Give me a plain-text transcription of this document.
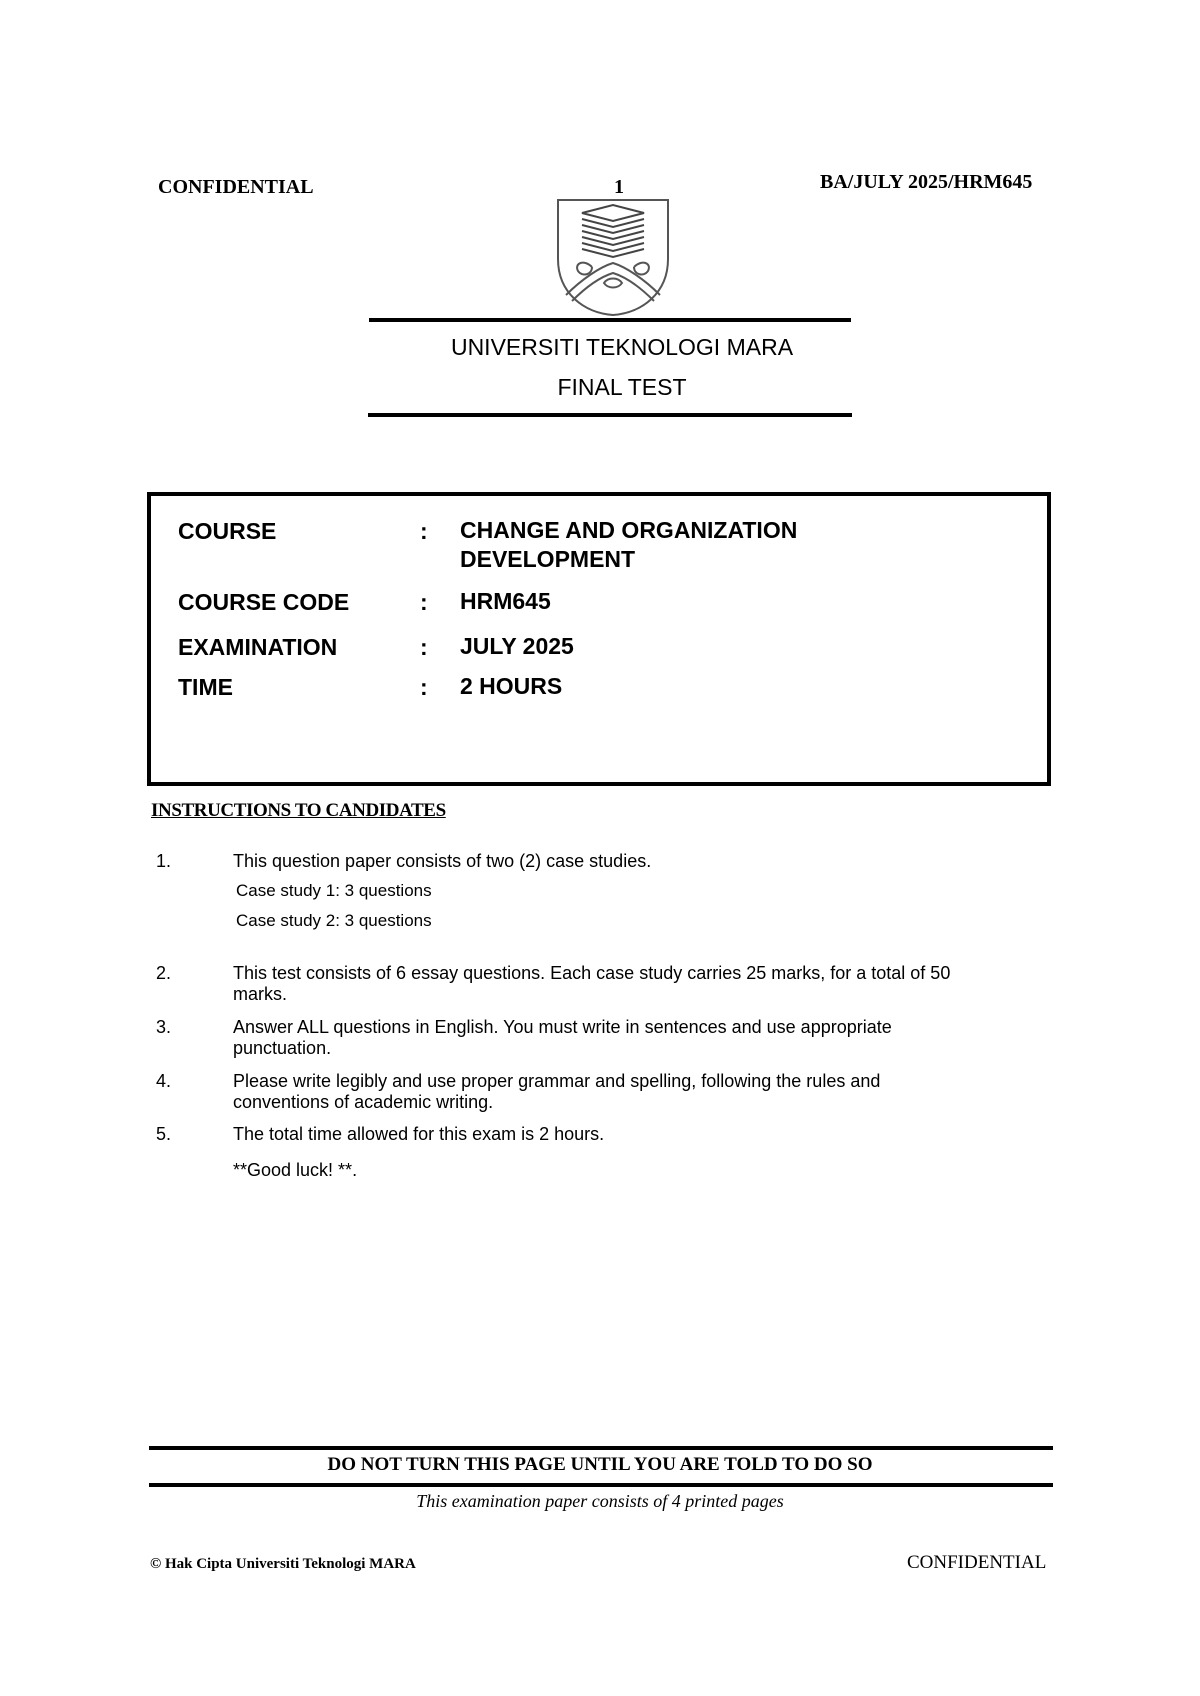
CONFIDENTIAL	1	BA/JULY 2025/HRM645
UNIVERSITI TEKNOLOGI MARA
FINAL TEST
COURSE	: CHANGE AND ORGANIZATION
DEVELOPMENT
COURSE CODE	: HRM645
EXAMINATION	: JULY 2025
TIME	: 2 HOURS
INSTRUCTIONS TO CANDIDATES
1.	This question paper consists of two (2) case studies.
Case study 1: 3 questions
Case study 2: 3 questions
2.	This test consists of 6 essay questions. Each case study carries 25 marks, for a total of 50 marks.
3.	Answer ALL questions in English. You must write in sentences and use appropriate punctuation.
4.	Please write legibly and use proper grammar and spelling, following the rules and conventions of academic writing.
5.	The total time allowed for this exam is 2 hours.
**Good luck! **.
DO NOT TURN THIS PAGE UNTIL YOU ARE TOLD TO DO SO
This examination paper consists of 4 printed pages
© Hak Cipta Universiti Teknologi MARA	CONFIDENTIAL
